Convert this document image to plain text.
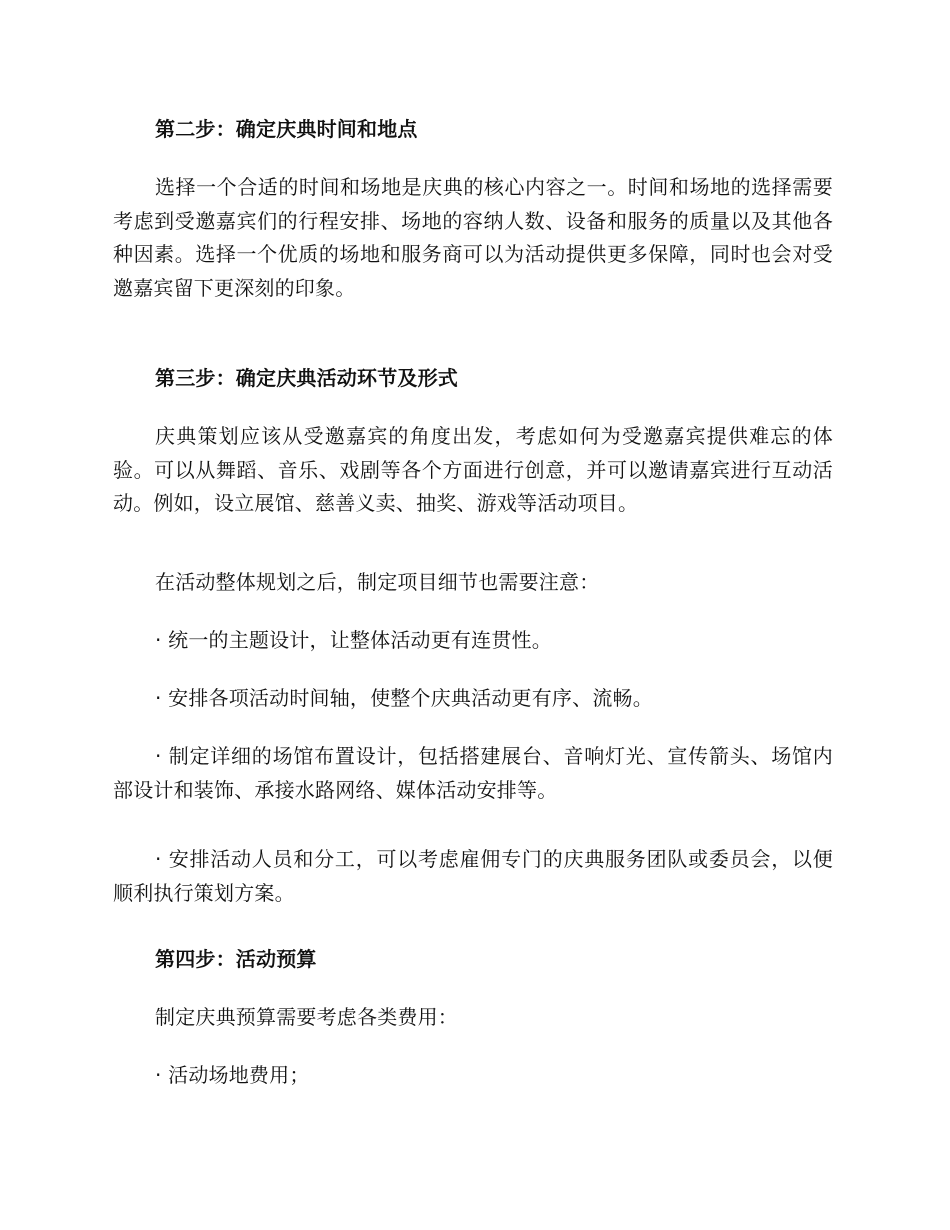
第二步：确定庆典时间和地点

选择一个合适的时间和场地是庆典的核心内容之一。时间和场地的选择需要考虑到受邀嘉宾们的行程安排、场地的容纳人数、设备和服务的质量以及其他各种因素。选择一个优质的场地和服务商可以为活动提供更多保障，同时也会对受邀嘉宾留下更深刻的印象。

第三步：确定庆典活动环节及形式

庆典策划应该从受邀嘉宾的角度出发，考虑如何为受邀嘉宾提供难忘的体验。可以从舞蹈、音乐、戏剧等各个方面进行创意，并可以邀请嘉宾进行互动活动。例如，设立展馆、慈善义卖、抽奖、游戏等活动项目。

在活动整体规划之后，制定项目细节也需要注意：

· 统一的主题设计，让整体活动更有连贯性。

· 安排各项活动时间轴，使整个庆典活动更有序、流畅。

· 制定详细的场馆布置设计，包括搭建展台、音响灯光、宣传箭头、场馆内部设计和装饰、承接水路网络、媒体活动安排等。

· 安排活动人员和分工，可以考虑雇佣专门的庆典服务团队或委员会，以便顺利执行策划方案。

第四步：活动预算

制定庆典预算需要考虑各类费用：

· 活动场地费用；
